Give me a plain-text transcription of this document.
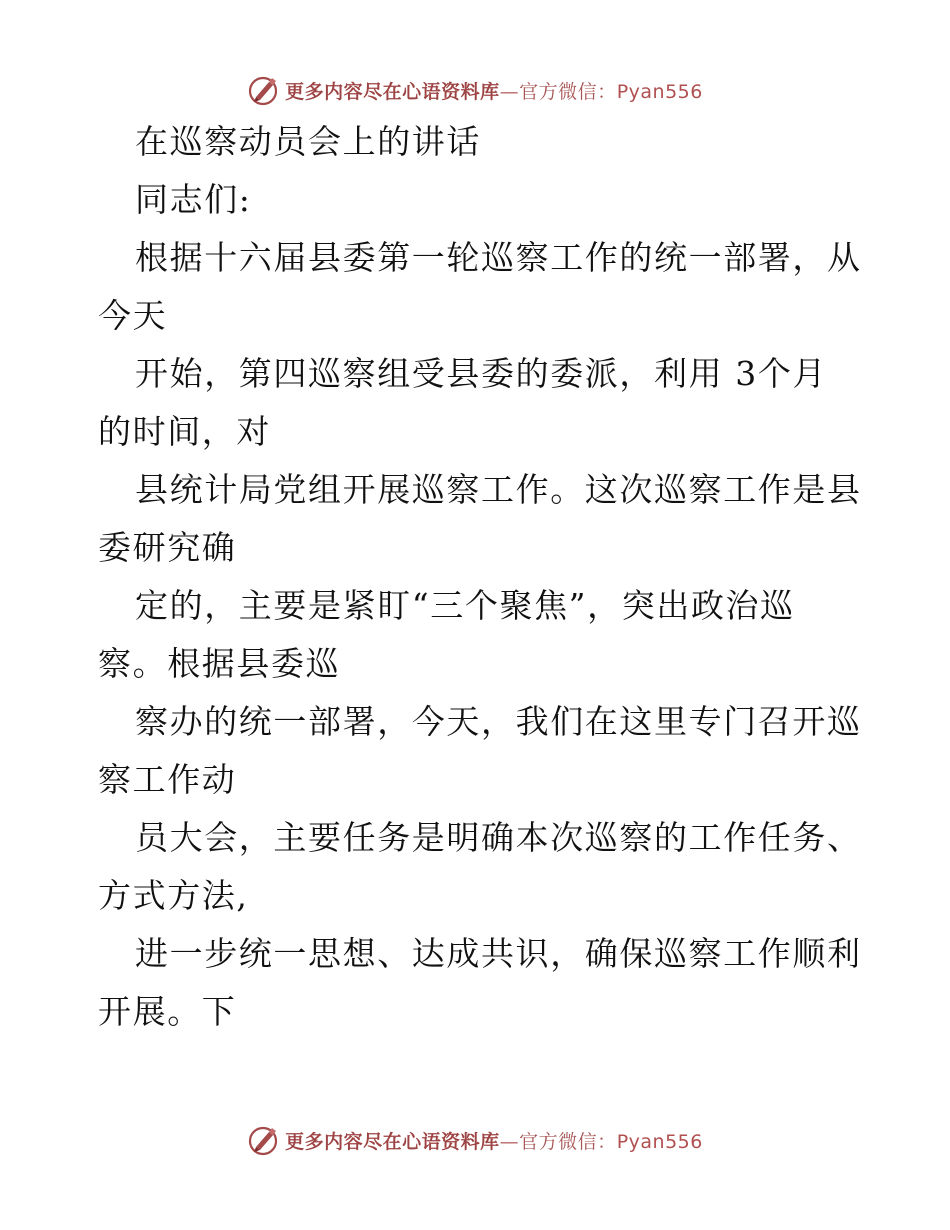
更多内容尽在心语资料库—官方微信：Pyan556
在巡察动员会上的讲话
同志们:
根据十六届县委第一轮巡察工作的统一部署，从
今天
开始，第四巡察组受县委的委派，利用 3个月
的时间，对
县统计局党组开展巡察工作。这次巡察工作是县
委研究确
定的，主要是紧盯“三个聚焦”，突出政治巡
察。根据县委巡
察办的统一部署，今天，我们在这里专门召开巡
察工作动
员大会，主要任务是明确本次巡察的工作任务、
方式方法,
进一步统一思想、达成共识，确保巡察工作顺利
开展。下
更多内容尽在心语资料库—官方微信：Pyan556
